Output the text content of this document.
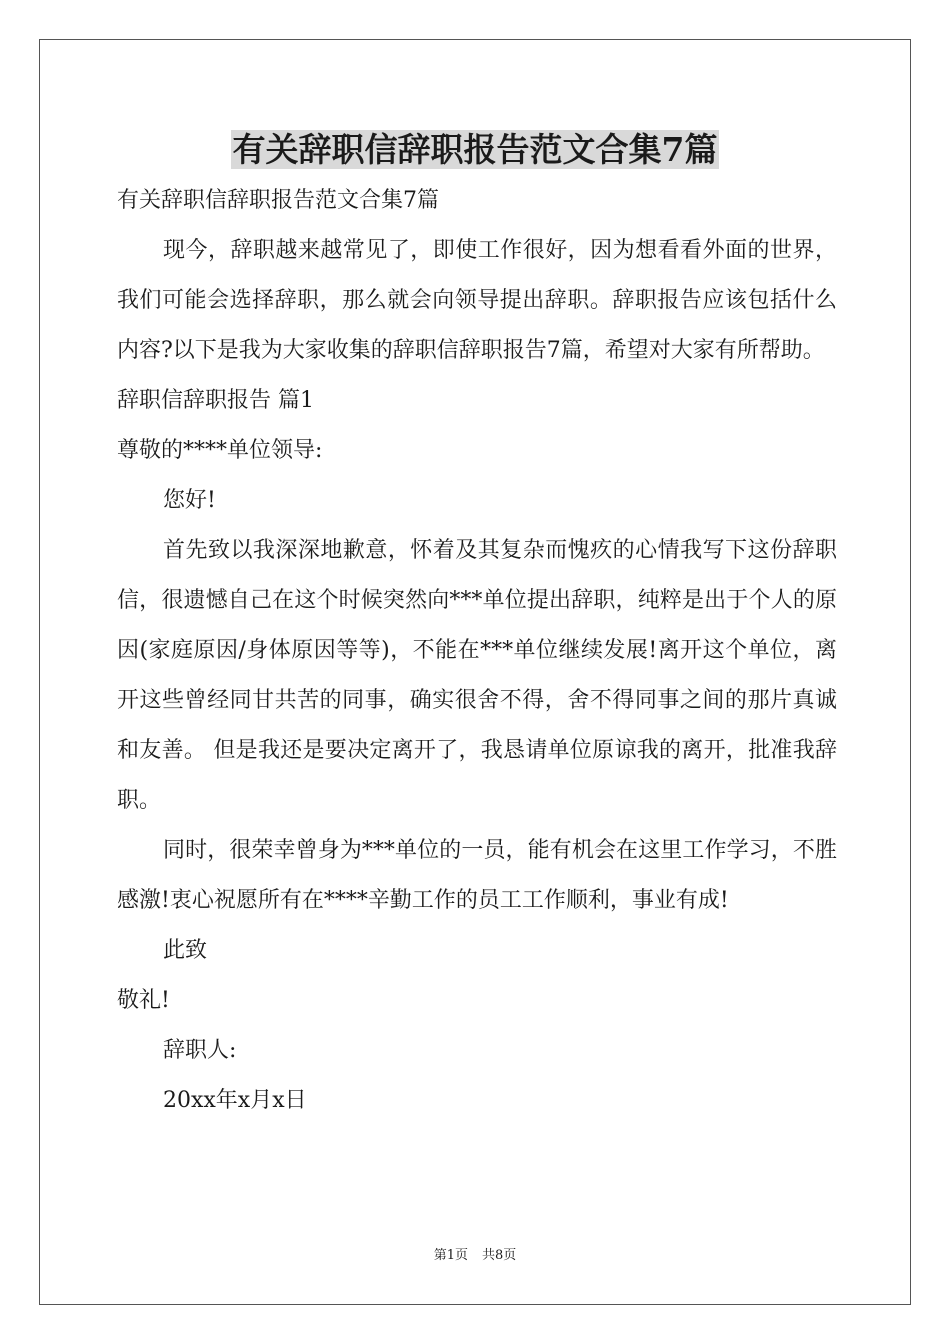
有关辞职信辞职报告范文合集7篇

有关辞职信辞职报告范文合集7篇

现今，辞职越来越常见了，即使工作很好，因为想看看外面的世界，我们可能会选择辞职，那么就会向领导提出辞职。辞职报告应该包括什么内容?以下是我为大家收集的辞职信辞职报告7篇，希望对大家有所帮助。

辞职信辞职报告 篇1

尊敬的****单位领导:

您好!

首先致以我深深地歉意，怀着及其复杂而愧疚的心情我写下这份辞职信，很遗憾自己在这个时候突然向***单位提出辞职，纯粹是出于个人的原因(家庭原因/身体原因等等)，不能在***单位继续发展!离开这个单位，离开这些曾经同甘共苦的同事，确实很舍不得，舍不得同事之间的那片真诚和友善。 但是我还是要决定离开了，我恳请单位原谅我的离开，批准我辞职。

同时，很荣幸曾身为***单位的一员，能有机会在这里工作学习，不胜感激!衷心祝愿所有在****辛勤工作的员工工作顺利，事业有成!

此致

敬礼!

辞职人:

20xx年x月x日

第1页 共8页
